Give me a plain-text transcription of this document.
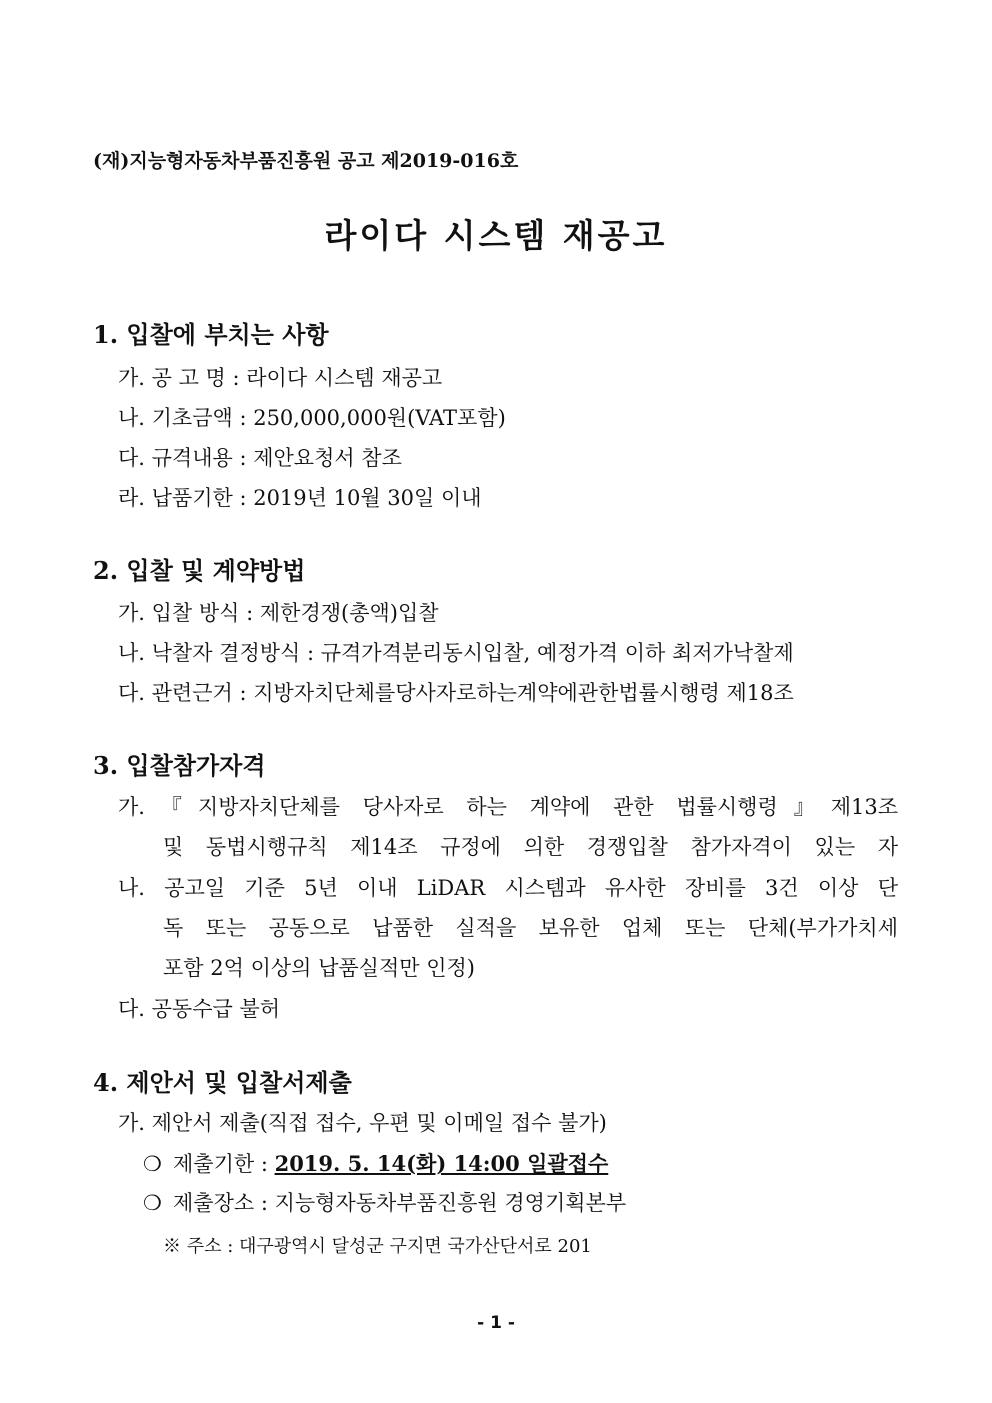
(재)지능형자동차부품진흥원 공고 제2019-016호
라이다 시스템 재공고
1. 입찰에 부치는 사항
가. 공 고 명 : 라이다 시스템 재공고
나. 기초금액 : 250,000,000원(VAT포함)
다. 규격내용 : 제안요청서 참조
라. 납품기한 : 2019년 10월 30일 이내
2. 입찰 및 계약방법
가. 입찰 방식 : 제한경쟁(총액)입찰
나. 낙찰자 결정방식 : 규격가격분리동시입찰, 예정가격 이하 최저가낙찰제
다. 관련근거 : 지방자치단체를당사자로하는계약에관한법률시행령 제18조
3. 입찰참가자격
가.『지방자치단체를 당사자로 하는 계약에 관한 법률시행령』제13조
및 동법시행규칙 제14조 규정에 의한 경쟁입찰 참가자격이 있는 자
나. 공고일 기준 5년 이내 LiDAR 시스템과 유사한 장비를 3건 이상 단
독 또는 공동으로 납품한 실적을 보유한 업체 또는 단체(부가가치세
포함 2억 이상의 납품실적만 인정)
다. 공동수급 불허
4. 제안서 및 입찰서제출
가. 제안서 제출(직접 접수, 우편 및 이메일 접수 불가)
❍ 제출기한 : 2019. 5. 14(화) 14:00 일괄접수
❍ 제출장소 : 지능형자동차부품진흥원 경영기획본부
※ 주소 : 대구광역시 달성군 구지면 국가산단서로 201
- 1 -
